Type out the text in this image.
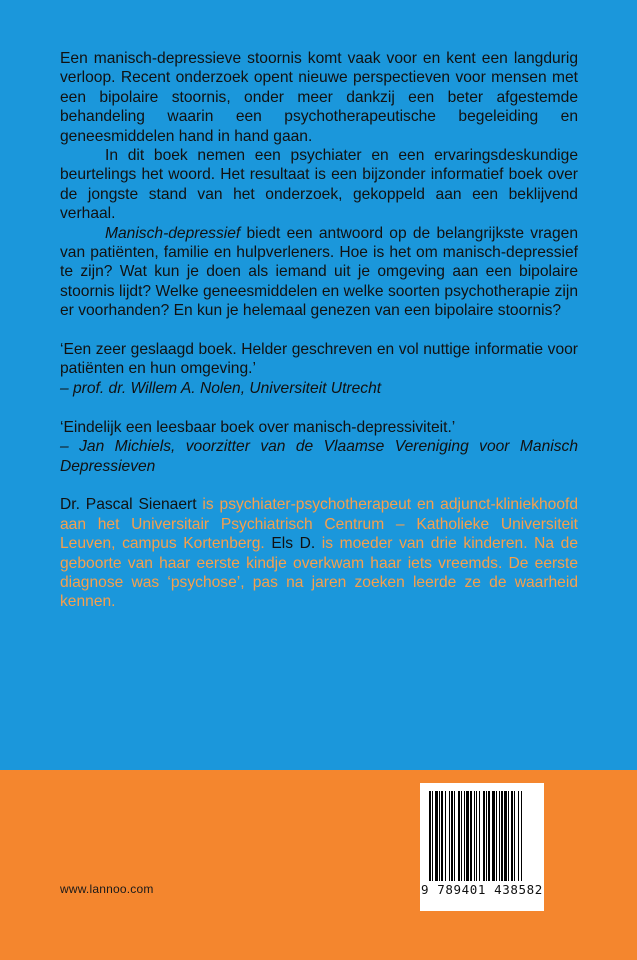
Een manisch-depressieve stoornis komt vaak voor en kent een langdurig verloop. Recent onderzoek opent nieuwe perspectieven voor mensen met een bipolaire stoornis, onder meer dankzij een beter afgestemde behandeling waarin een psychotherapeutische begeleiding en geneesmiddelen hand in hand gaan.

In dit boek nemen een psychiater en een ervaringsdeskundige beurtelings het woord. Het resultaat is een bijzonder informatief boek over de jongste stand van het onderzoek, gekoppeld aan een beklijvend verhaal.

Manisch-depressief biedt een antwoord op de belangrijkste vragen van patiënten, familie en hulpverleners. Hoe is het om manisch-depressief te zijn? Wat kun je doen als iemand uit je omgeving aan een bipolaire stoornis lijdt? Welke geneesmiddelen en welke soorten psychotherapie zijn er voorhanden? En kun je helemaal genezen van een bipolaire stoornis?

‘Een zeer geslaagd boek. Helder geschreven en vol nuttige informatie voor patiënten en hun omgeving.’

– prof. dr. Willem A. Nolen, Universiteit Utrecht

‘Eindelijk een leesbaar boek over manisch-depressiviteit.’

– Jan Michiels, voorzitter van de Vlaamse Vereniging voor Manisch Depressieven

Dr. Pascal Sienaert is psychiater-psychotherapeut en adjunct-kliniekhoofd aan het Universitair Psychiatrisch Centrum – Katholieke Universiteit Leuven, campus Kortenberg. Els D. is moeder van drie kinderen. Na de geboorte van haar eerste kindje overkwam haar iets vreemds. De eerste diagnose was ‘psychose’, pas na jaren zoeken leerde ze de waarheid kennen.

www.lannoo.com	9 789401 438582
